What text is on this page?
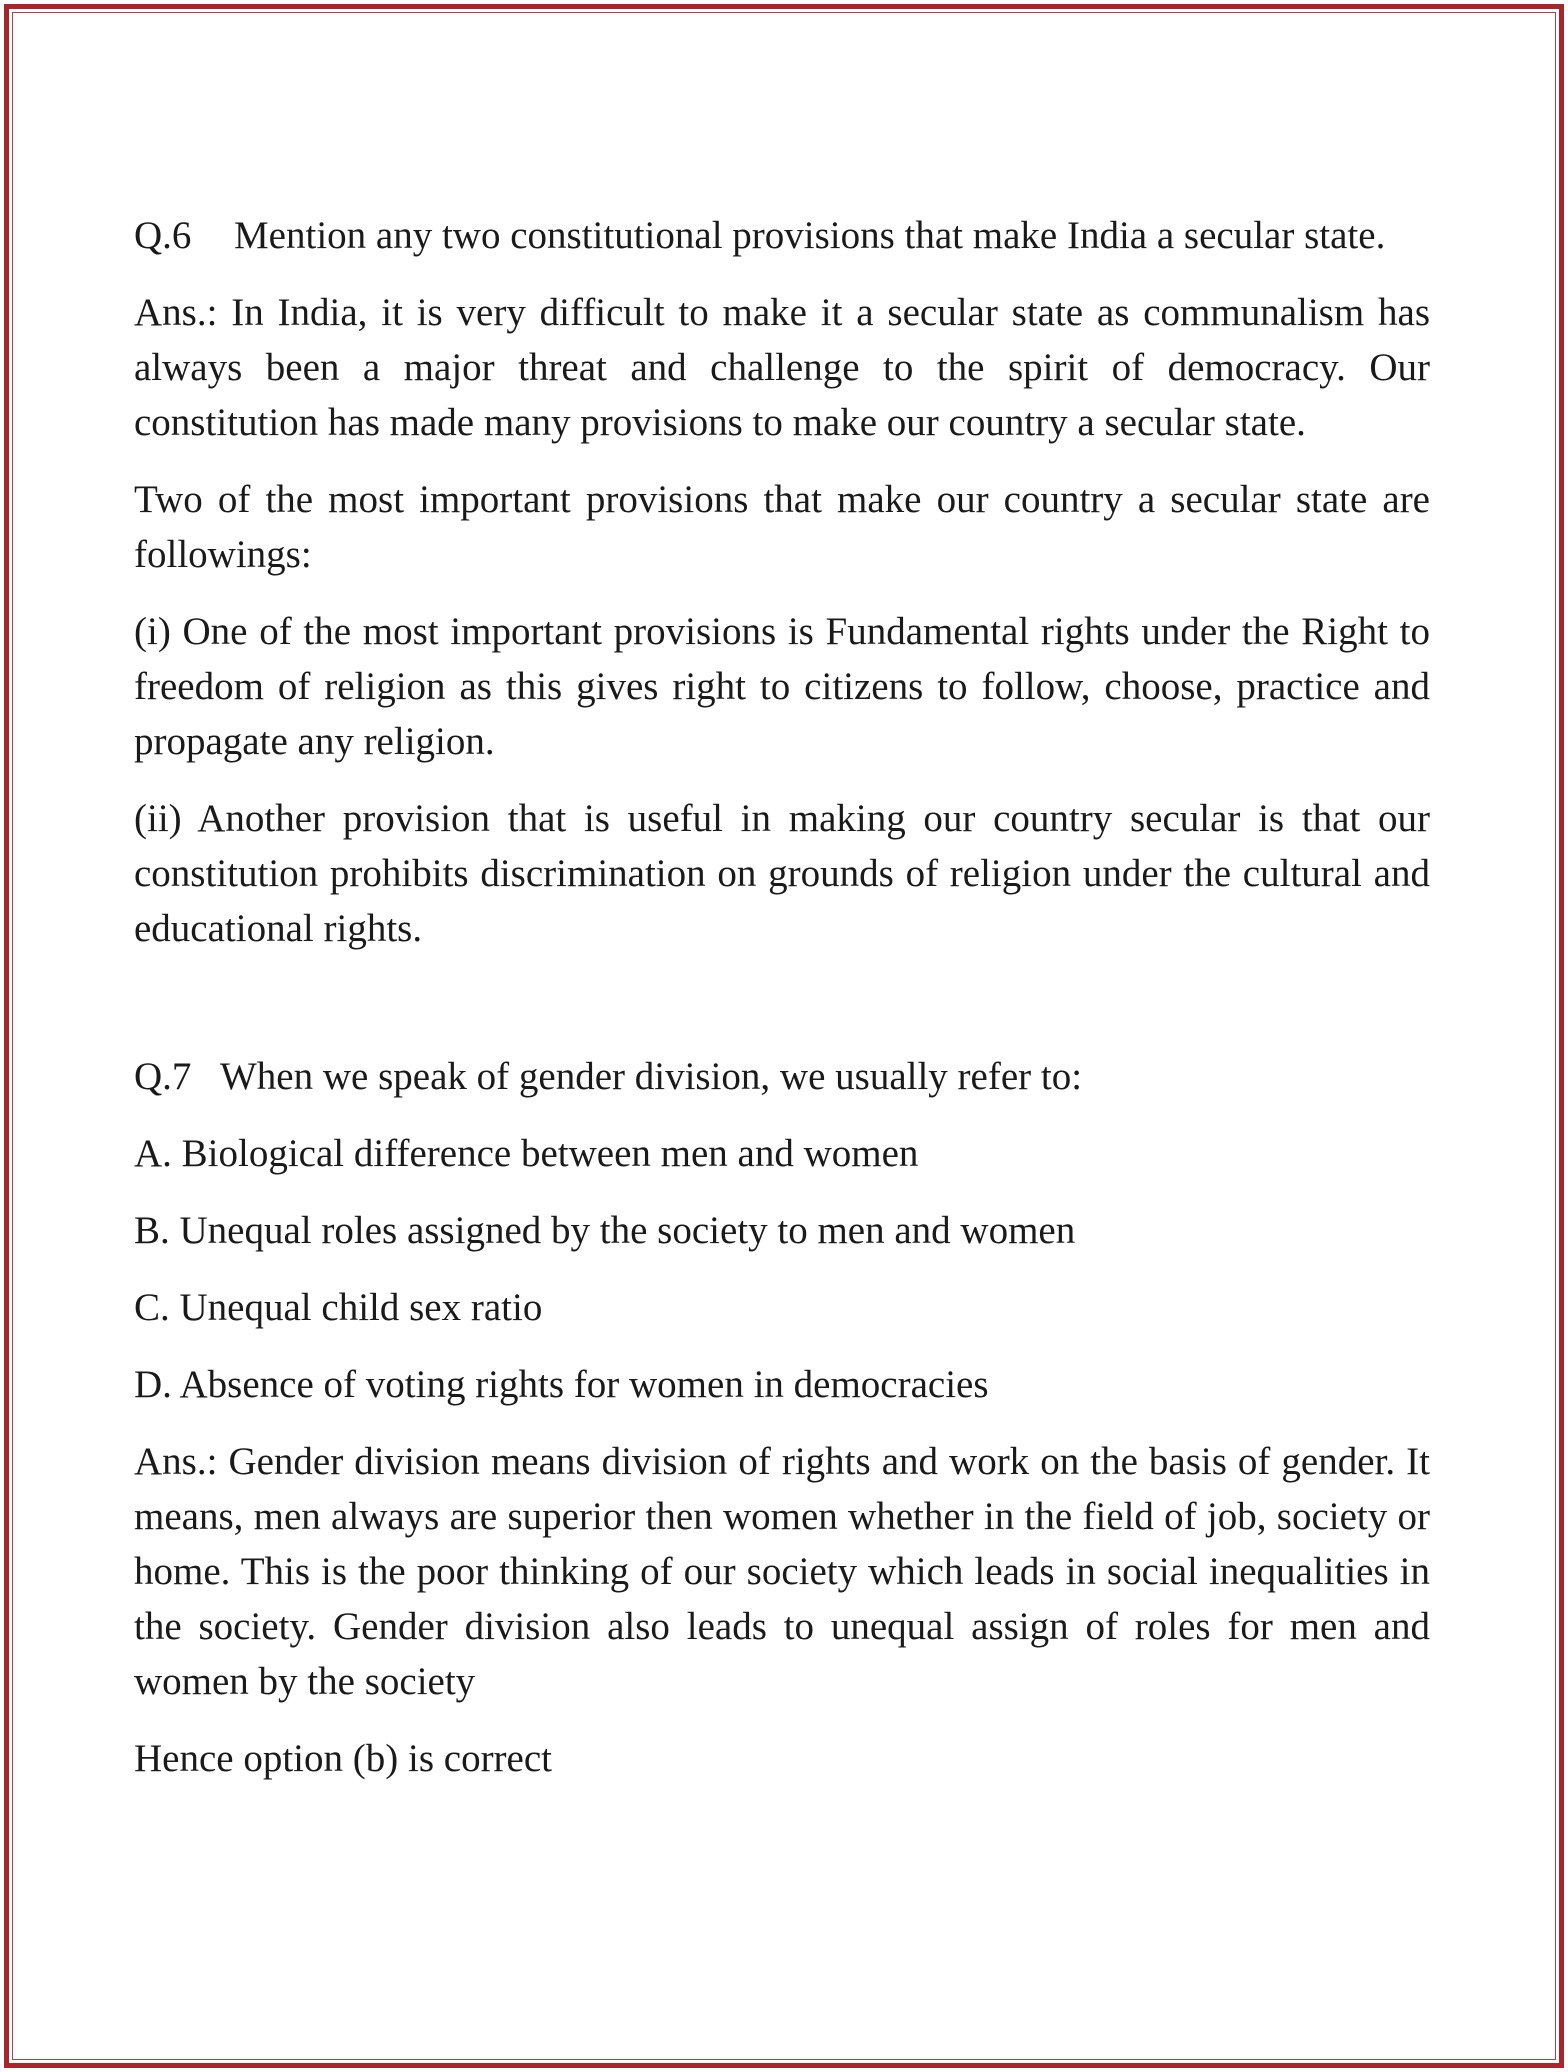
Q.6 Mention any two constitutional provisions that make India a secular state.

Ans.: In India, it is very difficult to make it a secular state as communalism has always been a major threat and challenge to the spirit of democracy. Our constitution has made many provisions to make our country a secular state.

Two of the most important provisions that make our country a secular state are followings:

(i) One of the most important provisions is Fundamental rights under the Right to freedom of religion as this gives right to citizens to follow, choose, practice and propagate any religion.

(ii) Another provision that is useful in making our country secular is that our constitution prohibits discrimination on grounds of religion under the cultural and educational rights.

Q.7 When we speak of gender division, we usually refer to:

A. Biological difference between men and women

B. Unequal roles assigned by the society to men and women

C. Unequal child sex ratio

D. Absence of voting rights for women in democracies

Ans.: Gender division means division of rights and work on the basis of gender. It means, men always are superior then women whether in the field of job, society or home. This is the poor thinking of our society which leads in social inequalities in the society. Gender division also leads to unequal assign of roles for men and women by the society

Hence option (b) is correct
